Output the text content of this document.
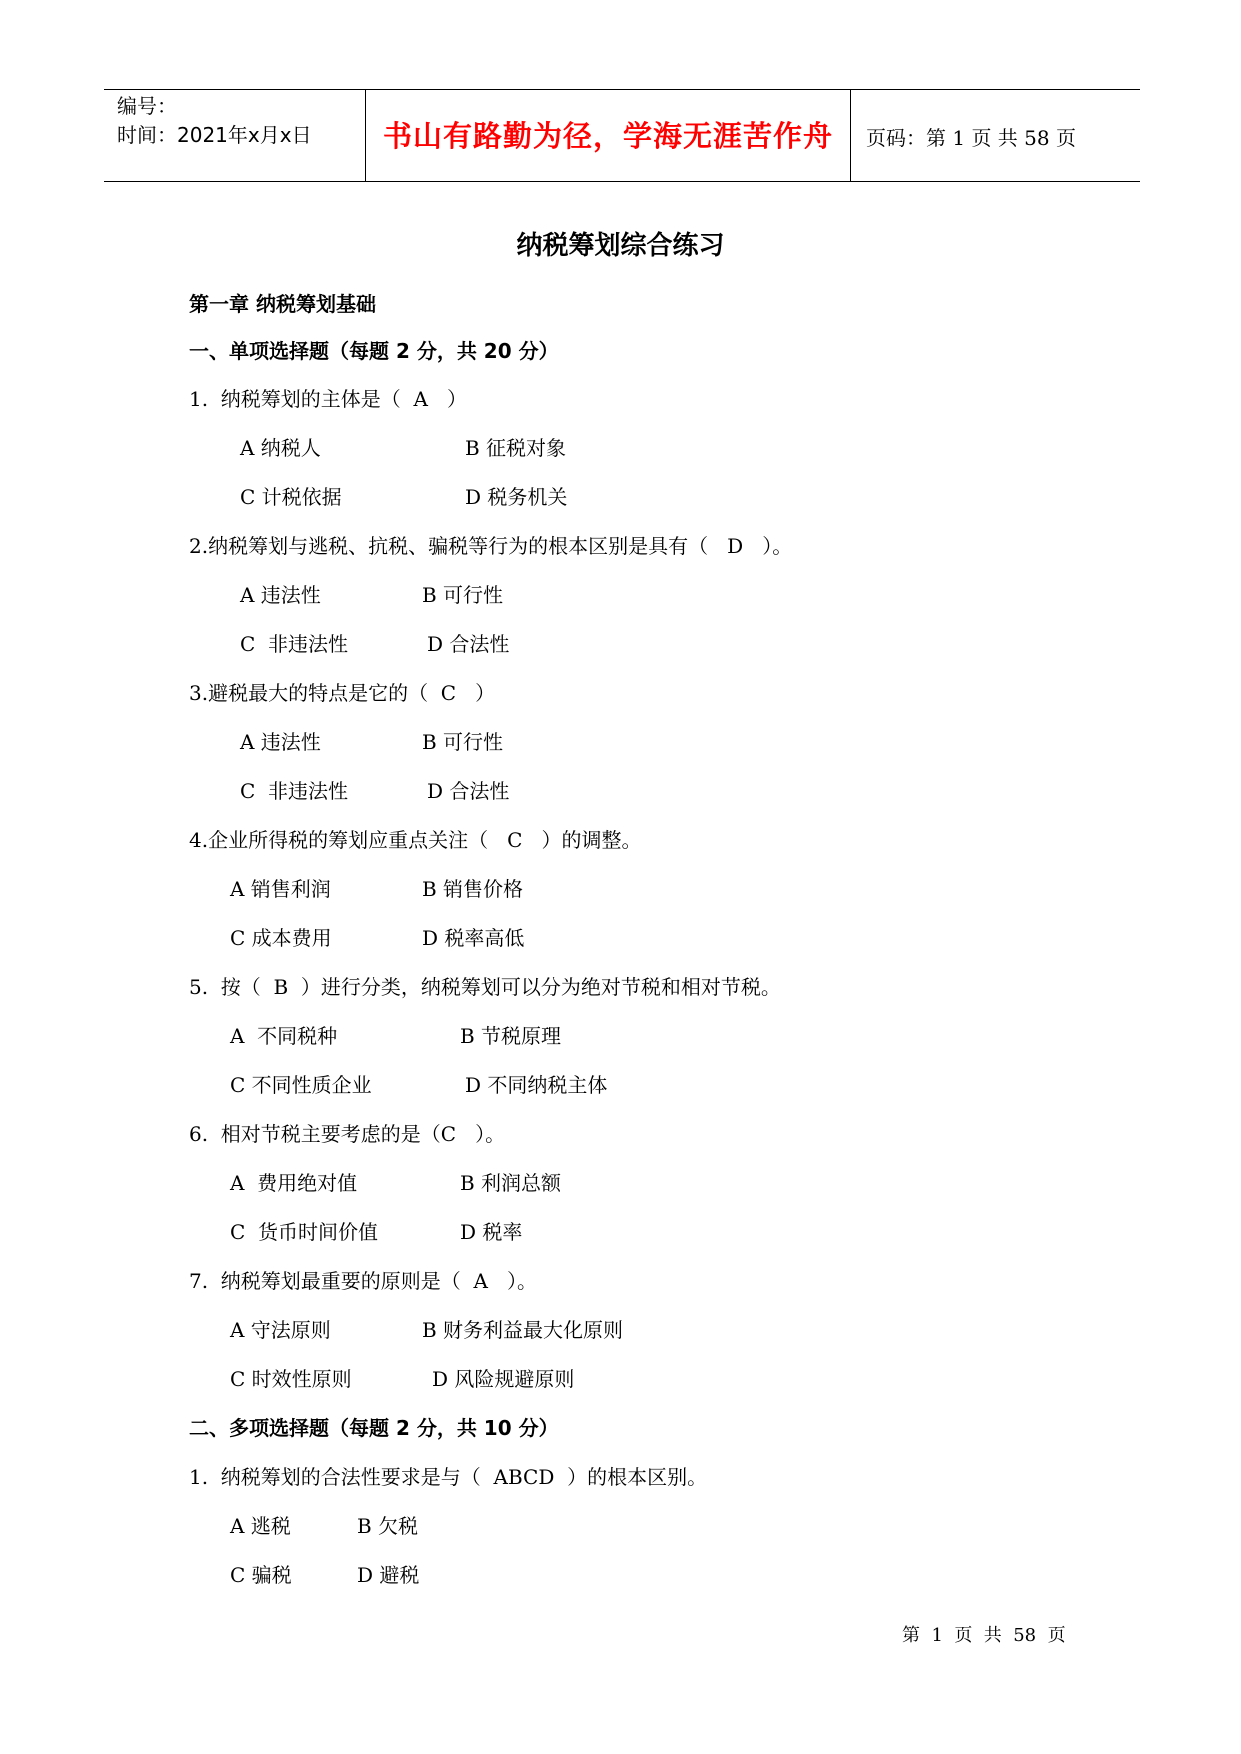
编号：
时间：2021年x月x日	书山有路勤为径，学海无涯苦作舟	页码：第 1 页 共 58 页
纳税筹划综合练习
第一章 纳税筹划基础
一、单项选择题（每题 2 分，共 20 分）
1.  纳税筹划的主体是（  A   ）
A 纳税人	B 征税对象
C 计税依据	D 税务机关
2.纳税筹划与逃税、抗税、骗税等行为的根本区别是具有（   D   ）。
A 违法性	B 可行性
C  非违法性	D 合法性
3.避税最大的特点是它的（  C   ）
A 违法性	B 可行性
C  非违法性	D 合法性
4.企业所得税的筹划应重点关注（   C   ）的调整。
A 销售利润	B 销售价格
C 成本费用	D 税率高低
5.  按（  B  ）进行分类，纳税筹划可以分为绝对节税和相对节税。
A  不同税种	B 节税原理
C 不同性质企业	D 不同纳税主体
6.  相对节税主要考虑的是（C   ）。
A  费用绝对值	B 利润总额
C  货币时间价值	D 税率
7.  纳税筹划最重要的原则是（  A   ）。
A 守法原则	B 财务利益最大化原则
C 时效性原则	D 风险规避原则
二、多项选择题（每题 2 分，共 10 分）
1.  纳税筹划的合法性要求是与（  ABCD  ）的根本区别。
A 逃税	B 欠税
C 骗税	D 避税
第  1  页  共  58  页
